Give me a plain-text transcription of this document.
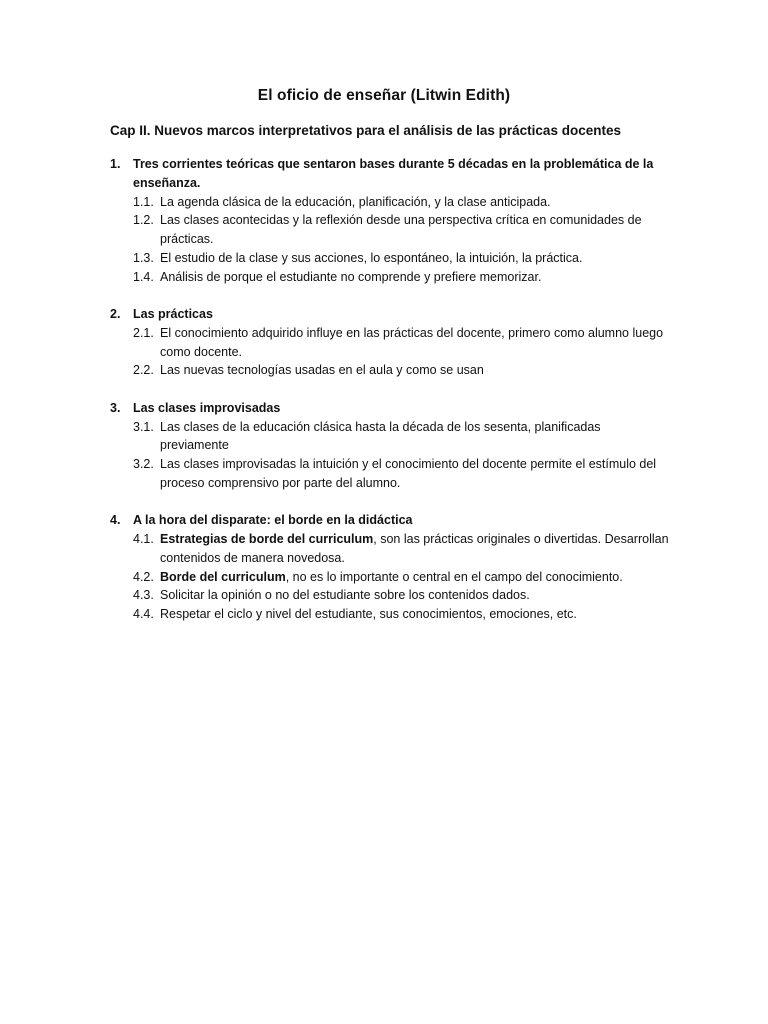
El oficio de enseñar (Litwin Edith)
Cap II. Nuevos marcos interpretativos para el análisis de las prácticas docentes
1.	Tres corrientes teóricas que sentaron bases durante 5 décadas en la problemática de la enseñanza.
1.1. La agenda clásica de la educación, planificación, y la clase anticipada.
1.2. Las clases acontecidas y la reflexión desde una perspectiva crítica en comunidades de prácticas.
1.3. El estudio de la clase y sus acciones, lo espontáneo, la intuición, la práctica.
1.4. Análisis de porque el estudiante no comprende y prefiere memorizar.
2.	Las prácticas
2.1. El conocimiento adquirido influye en las prácticas del docente, primero como alumno luego como docente.
2.2. Las nuevas tecnologías usadas en el aula y como se usan
3.	Las clases improvisadas
3.1. Las clases de la educación clásica hasta la década de los sesenta, planificadas previamente
3.2. Las clases improvisadas la intuición y el conocimiento del docente permite el estímulo del proceso comprensivo por parte del alumno.
4.	A la hora del disparate: el borde en la didáctica
4.1. Estrategias de borde del curriculum, son las prácticas originales o divertidas. Desarrollan contenidos de manera novedosa.
4.2. Borde del curriculum, no es lo importante o central en el campo del conocimiento.
4.3. Solicitar la opinión o no del estudiante sobre los contenidos dados.
4.4. Respetar el ciclo y nivel del estudiante, sus conocimientos, emociones, etc.
